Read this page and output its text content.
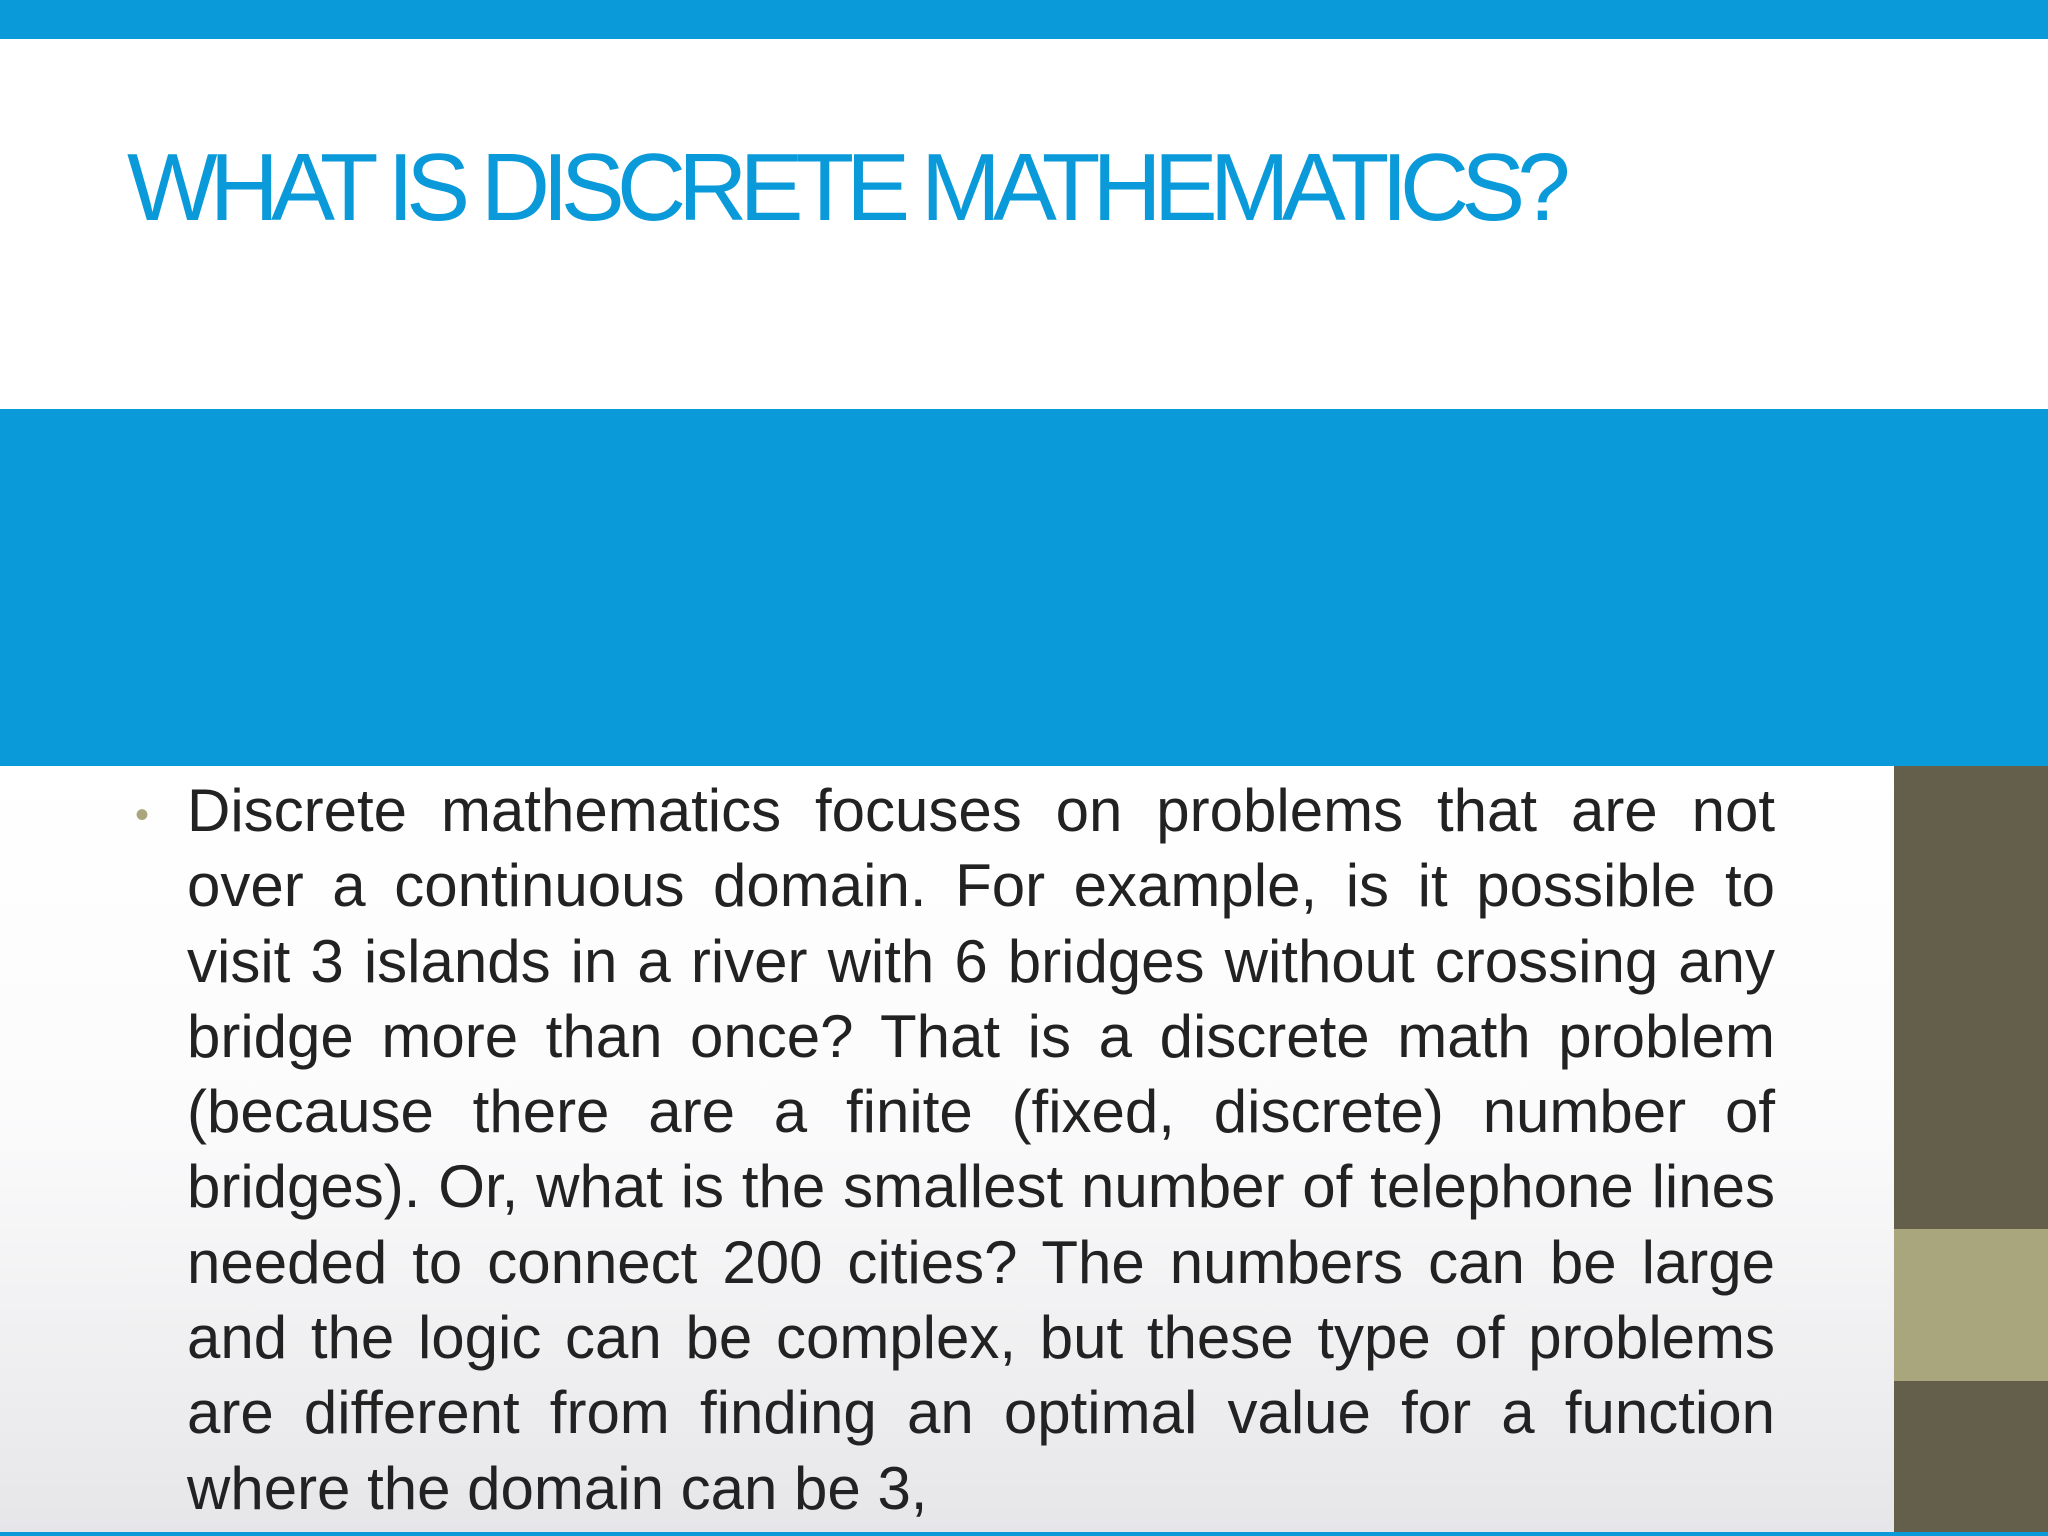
WHAT IS DISCRETE MATHEMATICS?
• Discrete mathematics focuses on problems that are not over a continuous domain. For example, is it possible to visit 3 islands in a river with 6 bridges without crossing any bridge more than once? That is a discrete math problem (because there are a finite (fixed, discrete) number of bridges). Or, what is the smallest number of telephone lines needed to connect 200 cities? The numbers can be large and the logic can be complex, but these type of problems are different from finding an optimal value for a function where the domain can be 3,
